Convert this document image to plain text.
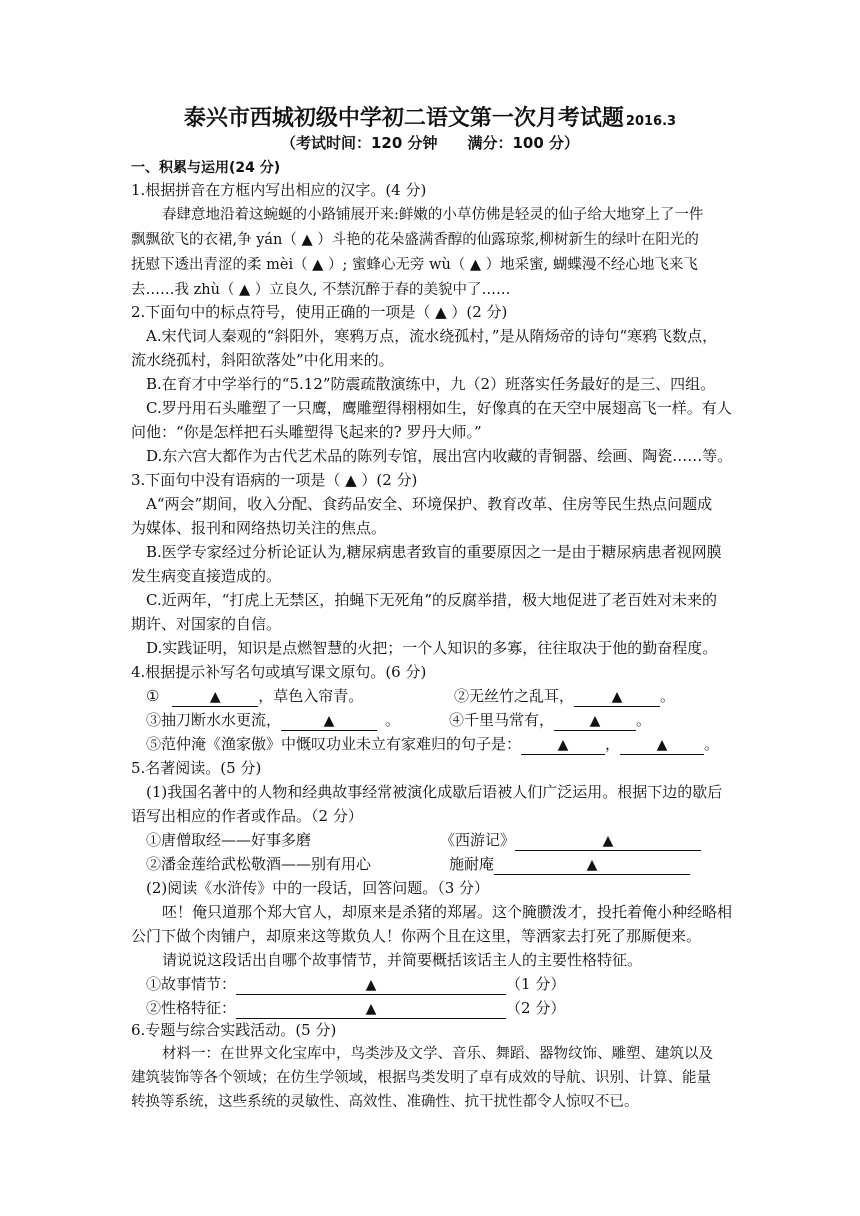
泰兴市西城初级中学初二语文第一次月考试题 2016.3
（考试时间：120 分钟　　满分：100 分）
一、积累与运用(24 分)
1.根据拼音在方框内写出相应的汉字。(4 分)
春肆意地沿着这蜿蜒的小路铺展开来:鲜嫩的小草仿佛是轻灵的仙子给大地穿上了一件
飘飘欲飞的衣裙,争 yán（ ▲ ）斗艳的花朵盛满香醇的仙露琼浆,柳树新生的绿叶在阳光的
抚慰下透出青涩的柔 mèi（ ▲ ）; 蜜蜂心无旁 wù（ ▲ ）地采蜜, 蝴蝶漫不经心地飞来飞
去……我 zhù（ ▲ ）立良久, 不禁沉醉于春的美貌中了……
2.下面句中的标点符号，使用正确的一项是（ ▲ ）(2 分)
A.宋代词人秦观的“斜阳外，寒鸦万点，流水绕孤村，”是从隋炀帝的诗句“寒鸦飞数点，
流水绕孤村，斜阳欲落处”中化用来的。
B.在育才中学举行的“5.12”防震疏散演练中，九（2）班落实任务最好的是三、四组。
C.罗丹用石头雕塑了一只鹰，鹰雕塑得栩栩如生，好像真的在天空中展翅高飞一样。有人
问他：“你是怎样把石头雕塑得飞起来的? 罗丹大师。”
D.东六宫大都作为古代艺术品的陈列专馆，展出宫内收藏的青铜器、绘画、陶瓷……等。
3.下面句中没有语病的一项是（ ▲ ）(2 分)
A“两会”期间，收入分配、食药品安全、环境保护、教育改革、住房等民生热点问题成
为媒体、报刊和网络热切关注的焦点。
B.医学专家经过分析论证认为,糖尿病患者致盲的重要原因之一是由于糖尿病患者视网膜
发生病变直接造成的。
C.近两年，“打虎上无禁区，拍蝇下无死角”的反腐举措，极大地促进了老百姓对未来的
期许、对国家的自信。
D.实践证明，知识是点燃智慧的火把；一个人知识的多寡，往往取决于他的勤奋程度。
4.根据提示补写名句或填写课文原句。(6 分)
①	▲	，草色入帘青。	②无丝竹之乱耳，	▲	。
③抽刀断水水更流，	▲	。	④千里马常有，	▲ 。
⑤范仲淹《渔家傲》中慨叹功业未立有家难归的句子是：	▲ ，	▲ 。
5.名著阅读。(5 分)
(1)我国名著中的人物和经典故事经常被演化成歇后语被人们广泛运用。根据下边的歇后
语写出相应的作者或作品。（2 分）
①唐僧取经——好事多磨	《西游记》	▲
②潘金莲给武松敬酒——别有用心	施耐庵	▲
(2)阅读《水浒传》中的一段话，回答问题。（3 分）
呸！俺只道那个郑大官人，却原来是杀猪的郑屠。这个腌臜泼才，投托着俺小种经略相
公门下做个肉铺户，却原来这等欺负人！你两个且在这里，等洒家去打死了那厮便来。
请说说这段话出自哪个故事情节，并简要概括该话主人的主要性格特征。
①故事情节：	▲	（1 分）
②性格特征：	▲	（2 分）
6.专题与综合实践活动。(5 分)
材料一：在世界文化宝库中，鸟类涉及文学、音乐、舞蹈、器物纹饰、雕塑、建筑以及
建筑装饰等各个领域；在仿生学领域，根据鸟类发明了卓有成效的导航、识别、计算、能量
转换等系统，这些系统的灵敏性、高效性、准确性、抗干扰性都令人惊叹不已。
